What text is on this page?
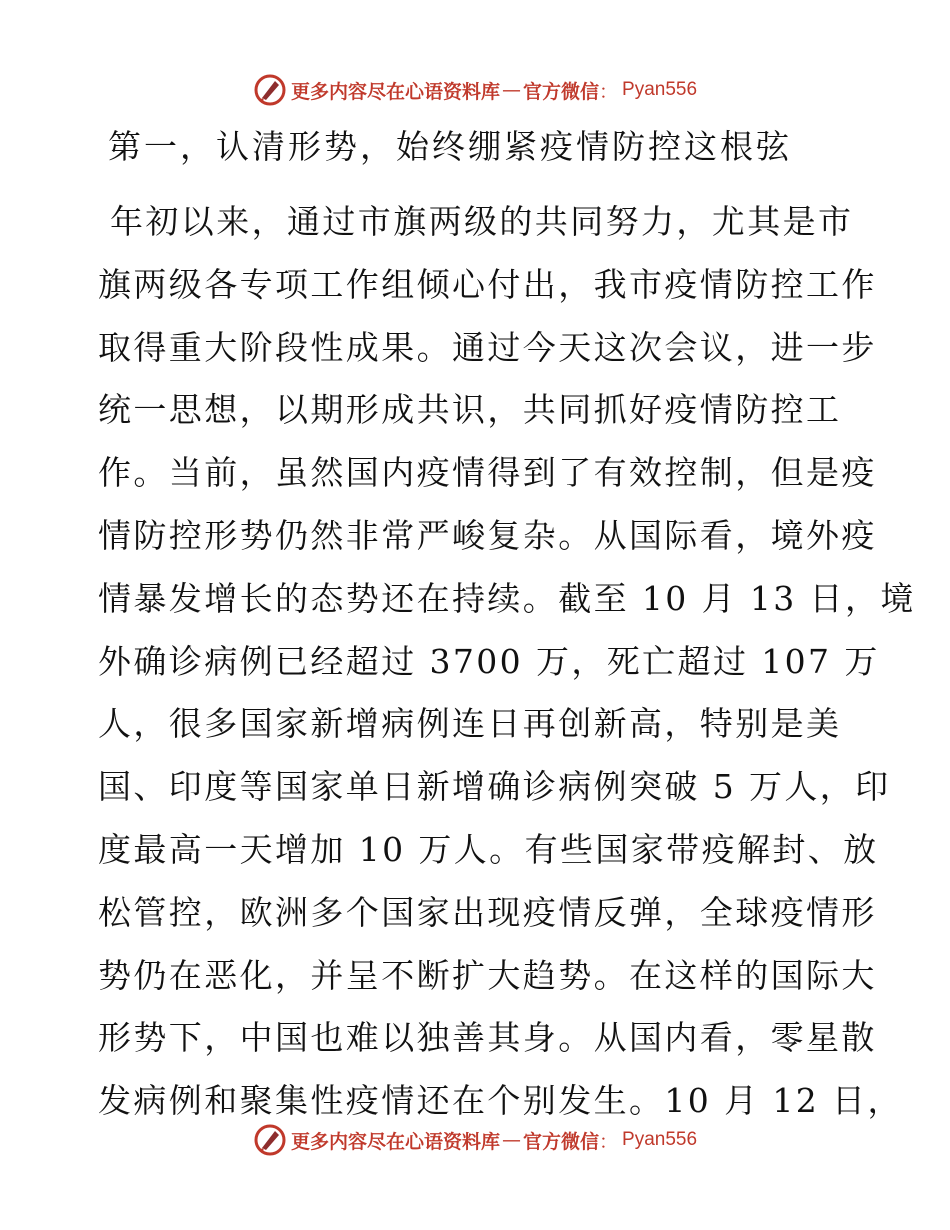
更多内容尽在心语资料库 — 官方微信 ： Pyan556
第一，认清形势，始终绷紧疫情防控这根弦
年初以来，通过市旗两级的共同努力，尤其是市
旗两级各专项工作组倾心付出，我市疫情防控工作
取得重大阶段性成果。通过今天这次会议，进一步
统一思想，以期形成共识，共同抓好疫情防控工
作。当前，虽然国内疫情得到了有效控制，但是疫
情防控形势仍然非常严峻复杂。从国际看，境外疫
情暴发增长的态势还在持续。截至 10 月 13 日，境
外确诊病例已经超过 3700 万，死亡超过 107 万
人，很多国家新增病例连日再创新高，特别是美
国、印度等国家单日新增确诊病例突破 5 万人，印
度最高一天增加 10 万人。有些国家带疫解封、放
松管控，欧洲多个国家出现疫情反弹，全球疫情形
势仍在恶化，并呈不断扩大趋势。在这样的国际大
形势下，中国也难以独善其身。从国内看，零星散
发病例和聚集性疫情还在个别发生。10 月 12 日，
更多内容尽在心语资料库 — 官方微信 ： Pyan556
